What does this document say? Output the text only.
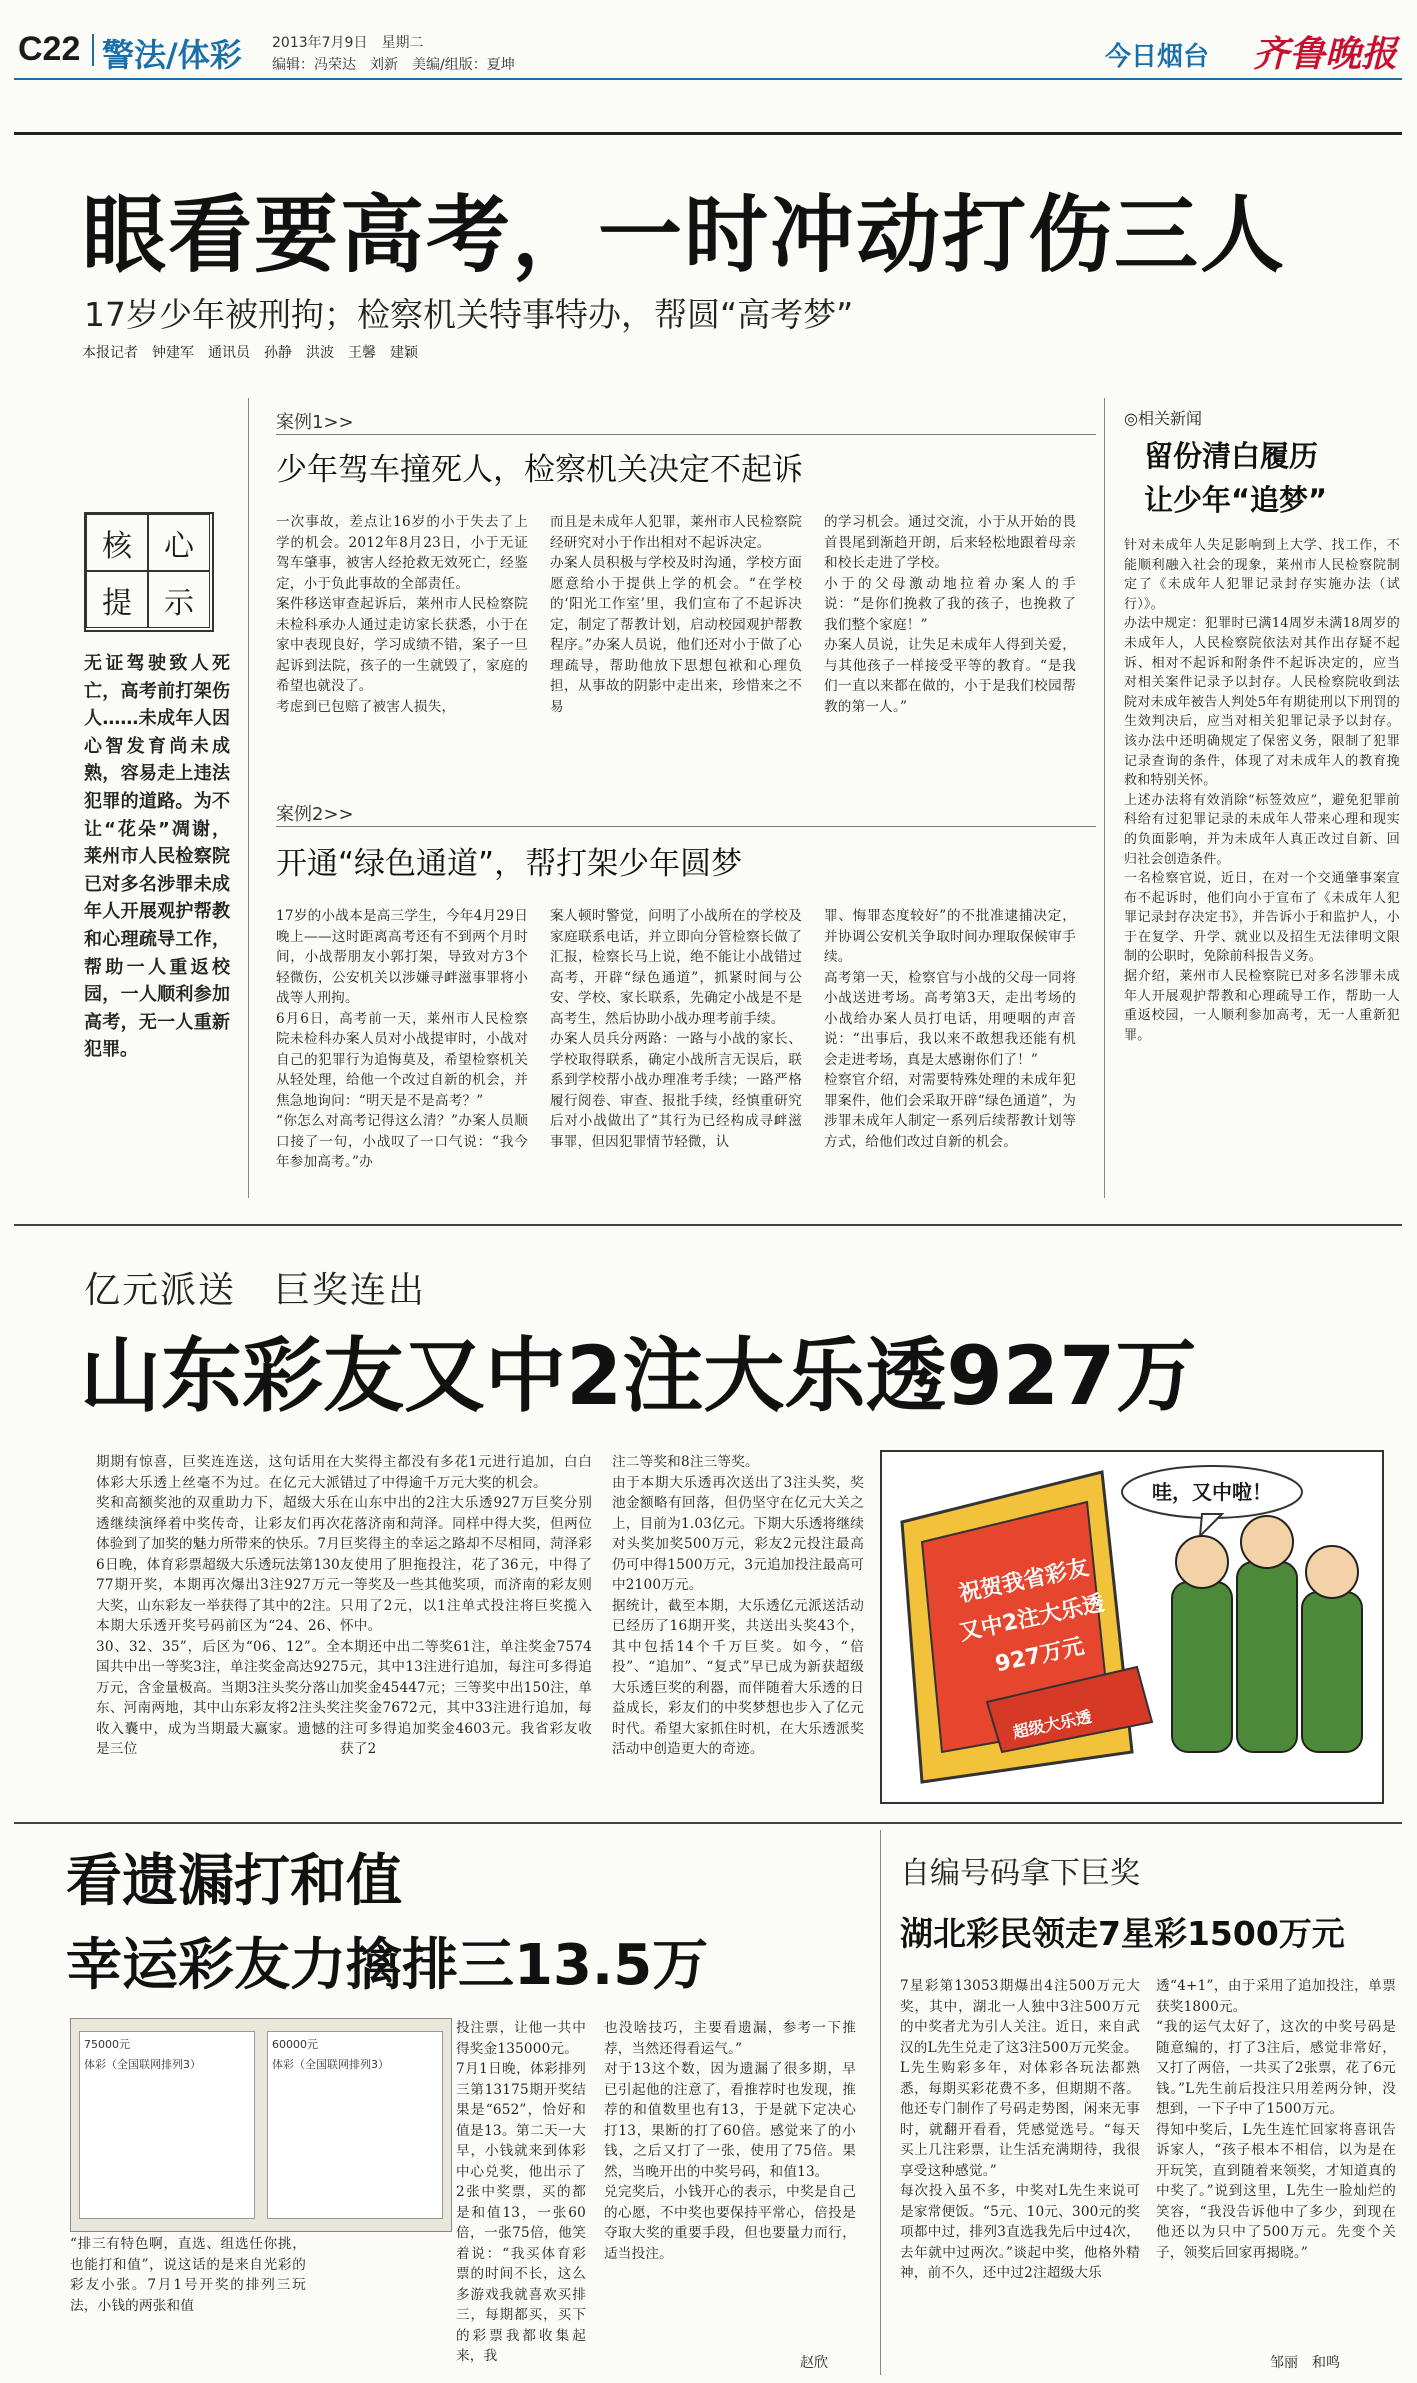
C22 警法/体彩 2013年7月9日　星期二
编辑：冯荣达　刘新　美编/组版：夏坤	今日烟台 齐鲁晚报
眼看要高考，一时冲动打伤三人
17岁少年被刑拘；检察机关特事特办，帮圆“高考梦”
本报记者　钟建军　通讯员　孙静　洪波　王馨　建颖
核	心
提	示
无证驾驶致人死亡，高考前打架伤人……未成年人因心智发育尚未成熟，容易走上违法犯罪的道路。为不让“花朵”凋谢，莱州市人民检察院已对多名涉罪未成年人开展观护帮教和心理疏导工作，帮助一人重返校园，一人顺利参加高考，无一人重新犯罪。
案例1>>
少年驾车撞死人，检察机关决定不起诉
一次事故，差点让16岁的小于失去了上学的机会。2012年8月23日，小于无证驾车肇事，被害人经抢救无效死亡，经鉴定，小于负此事故的全部责任。
案件移送审查起诉后，莱州市人民检察院未检科承办人通过走访家长获悉，小于在家中表现良好，学习成绩不错，案子一旦起诉到法院，孩子的一生就毁了，家庭的希望也就没了。
考虑到已包赔了被害人损失，
而且是未成年人犯罪，莱州市人民检察院经研究对小于作出相对不起诉决定。
办案人员积极与学校及时沟通，学校方面愿意给小于提供上学的机会。“在学校的‘阳光工作室’里，我们宣布了不起诉决定，制定了帮教计划，启动校园观护帮教程序。”办案人员说，他们还对小于做了心理疏导，帮助他放下思想包袱和心理负担，从事故的阴影中走出来，珍惜来之不易
的学习机会。通过交流，小于从开始的畏首畏尾到渐趋开朗，后来轻松地跟着母亲和校长走进了学校。
小于的父母激动地拉着办案人的手说：“是你们挽救了我的孩子，也挽救了我们整个家庭！”
办案人员说，让失足未成年人得到关爱，与其他孩子一样接受平等的教育。“是我们一直以来都在做的，小于是我们校园帮教的第一人。”
案例2>>
开通“绿色通道”，帮打架少年圆梦
17岁的小战本是高三学生，今年4月29日晚上——这时距离高考还有不到两个月时间，小战帮朋友小郭打架，导致对方3个轻微伤，公安机关以涉嫌寻衅滋事罪将小战等人刑拘。
6月6日，高考前一天，莱州市人民检察院未检科办案人员对小战提审时，小战对自己的犯罪行为追悔莫及，希望检察机关从轻处理，给他一个改过自新的机会，并焦急地询问：“明天是不是高考？”
“你怎么对高考记得这么清？”办案人员顺口接了一句，小战叹了一口气说：“我今年参加高考。”办
案人顿时警觉，问明了小战所在的学校及家庭联系电话，并立即向分管检察长做了汇报，检察长马上说，绝不能让小战错过高考，开辟“绿色通道”，抓紧时间与公安、学校、家长联系，先确定小战是不是高考生，然后协助小战办理考前手续。
办案人员兵分两路：一路与小战的家长、学校取得联系，确定小战所言无误后，联系到学校帮小战办理准考手续；一路严格履行阅卷、审查、报批手续，经慎重研究后对小战做出了“其行为已经构成寻衅滋事罪，但因犯罪情节轻微，认
罪、悔罪态度较好”的不批准逮捕决定，并协调公安机关争取时间办理取保候审手续。
高考第一天，检察官与小战的父母一同将小战送进考场。高考第3天，走出考场的小战给办案人员打电话，用哽咽的声音说：“出事后，我以来不敢想我还能有机会走进考场，真是太感谢你们了！”
检察官介绍，对需要特殊处理的未成年犯罪案件，他们会采取开辟“绿色通道”，为涉罪未成年人制定一系列后续帮教计划等方式，给他们改过自新的机会。
◎相关新闻
留份清白履历
让少年“追梦”
针对未成年人失足影响到上大学、找工作，不能顺利融入社会的现象，莱州市人民检察院制定了《未成年人犯罪记录封存实施办法（试行）》。
办法中规定：犯罪时已满14周岁未满18周岁的未成年人，人民检察院依法对其作出存疑不起诉、相对不起诉和附条件不起诉决定的，应当对相关案件记录予以封存。人民检察院收到法院对未成年被告人判处5年有期徒刑以下刑罚的生效判决后，应当对相关犯罪记录予以封存。该办法中还明确规定了保密义务，限制了犯罪记录查询的条件，体现了对未成年人的教育挽救和特别关怀。
上述办法将有效消除“标签效应”，避免犯罪前科给有过犯罪记录的未成年人带来心理和现实的负面影响，并为未成年人真正改过自新、回归社会创造条件。
一名检察官说，近日，在对一个交通肇事案宣布不起诉时，他们向小于宣布了《未成年人犯罪记录封存决定书》，并告诉小于和监护人，小于在复学、升学、就业以及招生无法律明文限制的公职时，免除前科报告义务。
据介绍，莱州市人民检察院已对多名涉罪未成年人开展观护帮教和心理疏导工作，帮助一人重返校园，一人顺利参加高考，无一人重新犯罪。
亿元派送　巨奖连出
山东彩友又中2注大乐透927万
期期有惊喜，巨奖连连送，这句话用在体彩大乐透上丝毫不为过。在亿元大派奖和高额奖池的双重助力下，超级大乐透继续演绎着中奖传奇，让彩友们再次体验到了加奖的魅力所带来的快乐。7月6日晚，体育彩票超级大乐透玩法第13077期开奖，本期再次爆出3注927万元大奖，山东彩友一举获得了其中的2注。
本期大乐透开奖号码前区为“24、26、30、32、35”，后区为“06、12”。全国共中出一等奖3注，单注奖金高达927万元，含金量极高。当期3注头奖分落山东、河南两地，其中山东彩友将2注头奖收入囊中，成为当期最大赢家。遗憾的是三位
大奖得主都没有多花1元进行追加，白白错过了中得逾千万元大奖的机会。
在山东中出的2注大乐透927万巨奖分别花落济南和菏泽。同样中得大奖，但两位巨奖得主的幸运之路却不尽相同，菏泽彩友使用了胆拖投注，花了36元，中得了一等奖及一些其他奖项，而济南的彩友则只用了2元，以1注单式投注将巨奖揽入怀中。
本期还中出二等奖61注，单注奖金75745元，其中13注进行追加，每注可多得追加奖金45447元；三等奖中出150注，单注奖金7672元，其中33注进行追加，每注可多得追加奖金4603元。我省彩友收获了2
注二等奖和8注三等奖。
由于本期大乐透再次送出了3注头奖，奖池金额略有回落，但仍坚守在亿元大关之上，目前为1.03亿元。下期大乐透将继续对头奖加奖500万元，彩友2元投注最高仍可中得1500万元，3元追加投注最高可中2100万元。
据统计，截至本期，大乐透亿元派送活动已经历了16期开奖，共送出头奖43个，其中包括14个千万巨奖。如今，“倍投”、“追加”、“复式”早已成为新获超级大乐透巨奖的利器，而伴随着大乐透的日益成长，彩友们的中奖梦想也步入了亿元时代。希望大家抓住时机，在大乐透派奖活动中创造更大的奇迹。
祝贺我省彩友
又中2注大乐透
927万元
哇，又中啦！
超级大乐透
看遗漏打和值
幸运彩友力擒排三13.5万
75000元
体彩（全国联网排列3）
60000元
体彩（全国联网排列3）
“排三有特色啊，直选、组选任你挑，也能打和值”，说这话的是来自光彩的彩友小张。7月1号开奖的排列三玩法，小钱的两张和值
投注票，让他一共中得奖金135000元。
7月1日晚，体彩排列三第13175期开奖结果是“652”，恰好和值是13。第二天一大早，小钱就来到体彩中心兑奖，他出示了2张中奖票，买的都是和值13，一张60倍，一张75倍，他笑着说：“我买体育彩票的时间不长，这么多游戏我就喜欢买排三，每期都买，买下的彩票我都收集起来，我
也没啥技巧，主要看遗漏，参考一下推荐，当然还得看运气。”
对于13这个数，因为遗漏了很多期，早已引起他的注意了，看推荐时也发现，推荐的和值数里也有13，于是就下定决心打13，果断的打了60倍。感觉来了的小钱，之后又打了一张，使用了75倍。果然，当晚开出的中奖号码，和值13。
兑完奖后，小钱开心的表示，中奖是自己的心愿，不中奖也要保持平常心，倍投是夺取大奖的重要手段，但也要量力而行，适当投注。
赵欣
自编号码拿下巨奖
湖北彩民领走7星彩1500万元
7星彩第13053期爆出4注500万元大奖，其中，湖北一人独中3注500万元的中奖者尤为引人关注。近日，来自武汉的L先生兑走了这3注500万元奖金。
L先生购彩多年，对体彩各玩法都熟悉，每期买彩花费不多，但期期不落。他还专门制作了号码走势图，闲来无事时，就翻开看看，凭感觉选号。“每天买上几注彩票，让生活充满期待，我很享受这种感觉。”
每次投入虽不多，中奖对L先生来说可是家常便饭。“5元、10元、300元的奖项都中过，排列3直选我先后中过4次，去年就中过两次。”谈起中奖，他格外精神，前不久，还中过2注超级大乐
透“4+1”，由于采用了追加投注，单票获奖1800元。
“我的运气太好了，这次的中奖号码是随意编的，打了3注后，感觉非常好，又打了两倍，一共买了2张票，花了6元钱。”L先生前后投注只用差两分钟，没想到，一下子中了1500万元。
得知中奖后，L先生连忙回家将喜讯告诉家人，“孩子根本不相信，以为是在开玩笑，直到随着来领奖，才知道真的中奖了。”说到这里，L先生一脸灿烂的笑容，“我没告诉他中了多少，到现在他还以为只中了500万元。先变个关子，领奖后回家再揭晓。”
邹丽　和鸣
